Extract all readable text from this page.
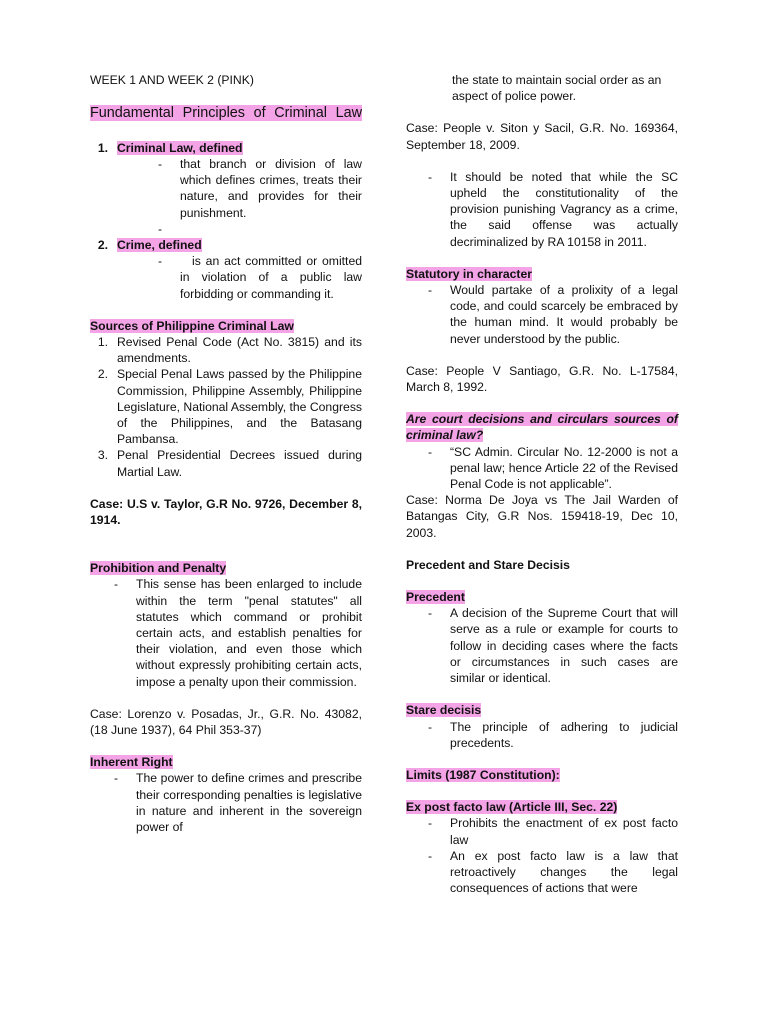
WEEK 1 AND WEEK 2 (PINK)
Fundamental Principles of Criminal Law
1. Criminal Law, defined
-	that branch or division of law which defines crimes, treats their nature, and provides for their punishment.
-
2. Crime, defined
-	is an act committed or omitted in violation of a public law forbidding or commanding it.
Sources of Philippine Criminal Law
1. Revised Penal Code (Act No. 3815) and its amendments.
2. Special Penal Laws passed by the Philippine Commission, Philippine Assembly, Philippine Legislature, National Assembly, the Congress of the Philippines, and the Batasang Pambansa.
3. Penal Presidential Decrees issued during Martial Law.
Case: U.S v. Taylor, G.R No. 9726, December 8, 1914.
Prohibition and Penalty
-	This sense has been enlarged to include within the term "penal statutes" all statutes which command or prohibit certain acts, and establish penalties for their violation, and even those which without expressly prohibiting certain acts, impose a penalty upon their commission.
Case: Lorenzo v. Posadas, Jr., G.R. No. 43082, (18 June 1937), 64 Phil 353-37)
Inherent Right
-	The power to define crimes and prescribe their corresponding penalties is legislative in nature and inherent in the sovereign power of
the state to maintain social order as an aspect of police power.
Case: People v. Siton y Sacil, G.R. No. 169364, September 18, 2009.
-	It should be noted that while the SC upheld the constitutionality of the provision punishing Vagrancy as a crime, the said offense was actually decriminalized by RA 10158 in 2011.
Statutory in character
-	Would partake of a prolixity of a legal code, and could scarcely be embraced by the human mind. It would probably be never understood by the public.
Case: People V Santiago, G.R. No. L-17584, March 8, 1992.
Are court decisions and circulars sources of criminal law?
-	“SC Admin. Circular No. 12-2000 is not a penal law; hence Article 22 of the Revised Penal Code is not applicable”.
Case: Norma De Joya vs The Jail Warden of Batangas City, G.R Nos. 159418-19, Dec 10, 2003.
Precedent and Stare Decisis
Precedent
-	A decision of the Supreme Court that will serve as a rule or example for courts to follow in deciding cases where the facts or circumstances in such cases are similar or identical.
Stare decisis
-	The principle of adhering to judicial precedents.
Limits (1987 Constitution):
Ex post facto law (Article III, Sec. 22)
-	Prohibits the enactment of ex post facto law
-	An ex post facto law is a law that retroactively changes the legal consequences of actions that were
